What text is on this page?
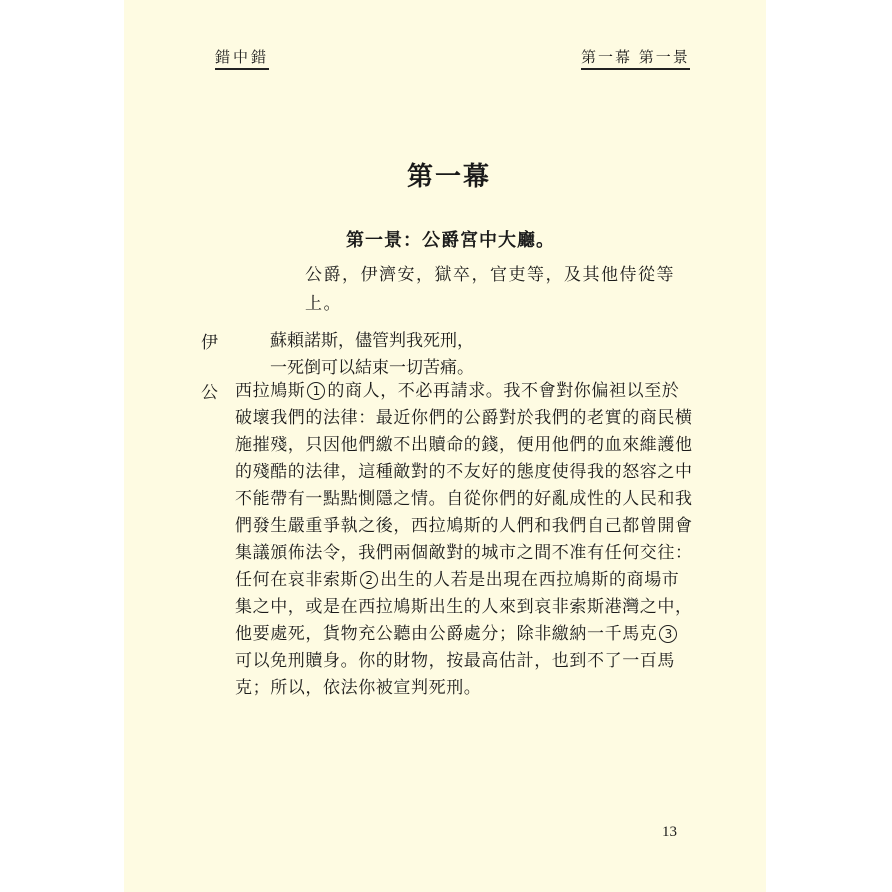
錯中錯	第一幕 第一景
第一幕
第一景：公爵宮中大廳。
公爵，伊濟安，獄卒，官吏等，及其他侍從等
上。
伊	蘇頼諾斯，儘管判我死刑，
一死倒可以結束一切苦痛。
公 西拉鳩斯 1 的商人，不必再請求。我不會對你偏袒以至於
破壞我們的法律：最近你們的公爵對於我們的老實的商民横
施摧殘，只因他們繳不出贖命的錢，便用他們的血來維護他
的殘酷的法律，這種敵對的不友好的態度使得我的怒容之中
不能帶有一點點惻隱之情。自從你們的好亂成性的人民和我
們發生嚴重爭執之後，西拉鳩斯的人們和我們自己都曾開會
集議頒佈法令，我們兩個敵對的城市之間不准有任何交往：
任何在哀非索斯 2 出生的人若是出現在西拉鳩斯的商場市
集之中，或是在西拉鳩斯出生的人來到哀非索斯港灣之中，
他要處死，貨物充公聽由公爵處分；除非繳納一千馬克 3
可以免刑贖身。你的財物，按最高估計，也到不了一百馬
克；所以，依法你被宣判死刑。
13
